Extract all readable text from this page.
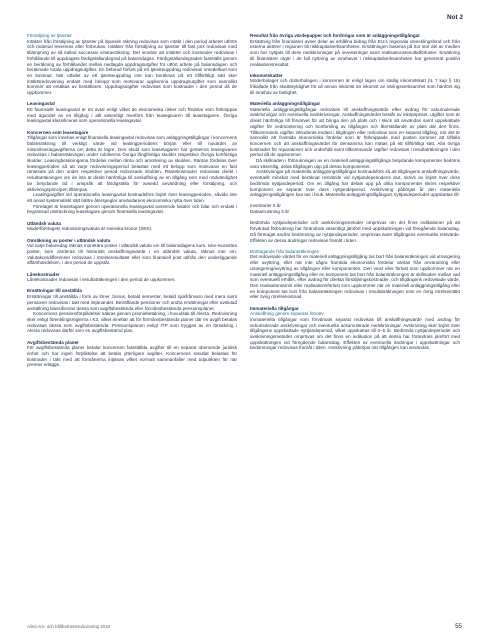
Not 2
Försäljning av tjänster

Intäkter från försäljning av tjänster på löpande räkning redovisas som intäkt i den period arbetet utförts och material levereras eller förbrukas. Intäkter från försäljning av tjänster till fast pris redovisas med tillämpning av så kallad successiv vinstavräkning. Det innebär att intäkter och kostnader redovisas i förhållande till uppdragets färdigställandegrad på balansdagen. Färdigställandegraden fastställs genom en beräkning av förhållandet mellan nedlagda uppdragsutgifter för utfört arbete på balansdagen och beräknade totala uppdragsutgifter. En befarad förlust på ett tjänsteuppdrag redovisas omedelbart som en kostnad. När utfallet av ett tjänsteuppdrag inte kan beräknas på ett tillförlitligt sätt sker intäktsredovisning endast med belopp som motsvarar uppkomna uppdragsutgifter som sannolikt kommer att ersättas av beställaren. Uppdragsutgifter redovisas som kostnader i den period då de uppkommer.

Leasingavtal

Ett finansiellt leasingavtal är ett avtal enligt vilket de ekonomiska risker och fördelar som förknippas med ägandet av en tillgång i allt väsentligt överförs från leasegivaren till leasetagaren. Övriga leasingavtal klassificeras som operationella leasingavtal.

Koncernen som leasetagare

Tillgångar som innehas enligt finansiella leasingavtal redovisas som anläggningstillgångar i koncernens balansräkning till verkligt värde vid leasingperiodens början eller till nuvärdet av minimileasingavgifterna om detta är lägre. Den skuld som leasetagaren har gentemot leasegivaren redovisas i balansräkningen under rubrikerna Övriga långfristiga skulder respektive Övriga kortfristiga skulder. Leasingbetalningarna fördelas mellan ränta och amortering av skulden. Räntan fördelas över leasingperioden så att varje redovisningsperiod belastas med ett belopp som motsvarar en fast räntesats på den under respektive period redovisade skulden. Räntekostnader redovisas direkt i resultaträkningen om de inte är direkt hänförliga till anskaffning av en tillgång som med nödvändighet tar betydande tid i anspråk att färdigställa för avsedd användning eller försäljning, och aktiveringsprincipen tillämpas.

Leasingavgifter vid operationella leasingavtal kostnadsförs linjärt över leasingperioden, såvida inte ett annat systematiskt sätt bättre återspeglar användarens ekonomiska nytta över tiden.

Företaget är leasetagare genom operationella leasingavtal avseende lokaler och bilar och endast i begränsad utsträckning leasetagare genom finansiella leasingavtal.

Utländsk valuta

Moderföretagets redovisningsvaluta är svenska kronor (SEK).

Omräkning av poster i utländsk valuta

Vid varje balansdag räknas monetära poster i utländsk valuta om till balansdagens kurs. Icke-monetära poster, som värderas till historiskt anskaffningsvärde i en utländsk valuta, räknas inte om. Valutakursdifferenser redovisas i rörelseresultatet eller som finansiell post utifrån den underliggande affärshändelsen, i den period de uppstår.

Lånekostnader

Lånekostnader redovisas i resultaträkningen i den period de uppkommer.

Ersättningar till anställda

Ersättningar till anställda i form av löner, bonus, betald semester, betald sjukfrånvaro med mera samt pensioner redovisas i takt med intjänandet. Beträffande pensioner och andra ersättningar efter avslutad anställning klassificeras dessa som avgiftsbestämda eller förmånsbestämda pensionsplaner.

Koncernens pensionsförpliktelser säkras genom premiebetalning, i huvudsak till Alecta. Redovisning sker enligt förenklingsreglerna i K3, vilket innebär att för förmånsbestämda planer där en avgift betalas redovisas dessa som avgiftsbestämda. Pensionsplanen enligt ITP som tryggas av en försäkring i Alecta redovisas därför som en avgiftsbestämd plan.

Avgiftsbestämda planer

För avgiftsbestämda planer betalar koncernen fastställda avgifter till en separat oberoende juridisk enhet och har ingen förpliktelse att betala ytterligare avgifter. Koncernens resultat belastas för kostnader i takt med att förmånerna intjänas vilket normalt sammanfaller med tidpunkten för när premier erläggs.

Resultat från övriga värdepapper och fordringar som är anläggningstillgångar

Ersättning från finansiärer avser delar av erhållna bidrag från EU:s regionala utvecklingsfond och från externa aktörer i regionen till riskkapitalverksamheten. Ersättningen baseras på hur stor del av medlen som har nyttjats till dess nedskrivningar på investeringar samt realisationsresultatförluster. Ersättning till finansiärer utgör i de fall nyttning av innehavet i riskkapitalverksamheten har genererat positivt realisationsresultat.

Inkomstskatter

Moderbolaget och dotterbolagen i koncernen är enligt lagen om statlig inkomstskatt (IL 7 kap § 15) frikallade från skattskyldighet för all annan inkomst än inkomst av näringsverksamhet som hänförs sig till innehav av fastighet.

Materiella anläggningstillgångar

Materiella anläggningstillgångar redovisas till anskaffningsvärde efter avdrag för ackumulerade avskrivningar och eventuella nedskrivningar. Anskaffningsvärdet består av inköpspriset, utgifter som är direkt hänförliga till förvärvet för att bringa den på plats och i skick att användas samt uppskattade utgifter för nedmontering och bortforsling av tillgången och återställande av plats där den finns. Tillkommande utgifter inkluderas endast i tillgången eller redovisas som en separat tillgång, när det är sannolikt att framtida ekonomiska fördelar som är förknippade med posten kommer att tillfalla koncernen och att anskaffningsvärdet för densamma kan mätas på ett tillförlitligt sätt. Alla övriga kostnader för reparationer och underhåll samt tillkommande utgifter redovisas i resultaträkningen i den period då de uppkommer.

Då skillnaden i förbrukningen av en materiell anläggningstillgångs betydande komponenter bedöms vara väsentlig, delas tillgången upp på dessa komponenter.

Avskrivningar på materiella anläggningstillgångar kostnadsförs så att tillgångens anskaffningsvärde, eventuellt minskat med beräknat restvärde vid nyttjandeperiodens slut, skrivs av linjärt över dess bedömda nyttjandeperiod. Om en tillgång har delats upp på olika komponenter skrivs respektive komponent av separat över dess nyttjandeperiod. Avskrivning påbörjas år den materiella anläggningstillgången kan tas i bruk. Materiella anläggningstillgångars nyttjandeperioder uppskattas till:

Inventarier 5 år
Datautrustning 3 år

Bedömda nyttjandeperioder och avskrivningsmetoder omprövas om det finns indikationer på att förväntad förbrukning har förändrats väsentligt jämfört med uppskattningen vid föregående balansdag. Då företaget ändrar bedömning av nyttjandeperioder, omprövas även tillgångens eventuella restvärde. Effekten av dessa ändringar redovisas framåt i tiden.

Borttagande från balansräkningen

Det redovisade värdet för en materiell anläggningstillgång tas bort från balansräkningen vid utrangering eller avyttring, eller när inte några framtida ekonomiska fördelar väntas från användning eller utrangering/avyttring av tillgången eller komponenten. Den vinst eller förlust som uppkommer när en materiell anläggningstillgång eller en komponent tas bort från balansräkningen är skillnaden mellan vad som eventuellt erhålls, efter avdrag för direkta försäljningskostnader, och tillgångens redovisade värde. Den realisationsvinst eller realisationsförlust som uppkommer när en materiell anläggningstillgång eller en komponent tas bort från balansräkningen redovisas i resultaträkningen som en övrig rörelseintäkt eller övrig rörelsekostnad.

Immateriella tillgångar
Anskaffning genom separata förvärv

Immateriella tillgångar som förvärvats separat redovisas till anskaffningsvärde med avdrag för ackumulerade avskrivningar och eventuella ackumulerade nedskrivningar. Avskrivning sker linjärt över tillgångens uppskattade nyttjandeperiod, vilket uppskattas till 3–5 år. Bedömda nyttjandeperioder och avskrivningsmetoder omprövas om det finns en indikation på att dessa har förändrats jämfört med uppskattningen vid föregående balansdag. Effekten av eventuella ändringar i uppskattningar och bedömningar redovisas framåt i tiden. Avskrivning påbörjas när tillgången kan användas.

Alimi Ars- och hållbarhetsredovisning 2018	55
